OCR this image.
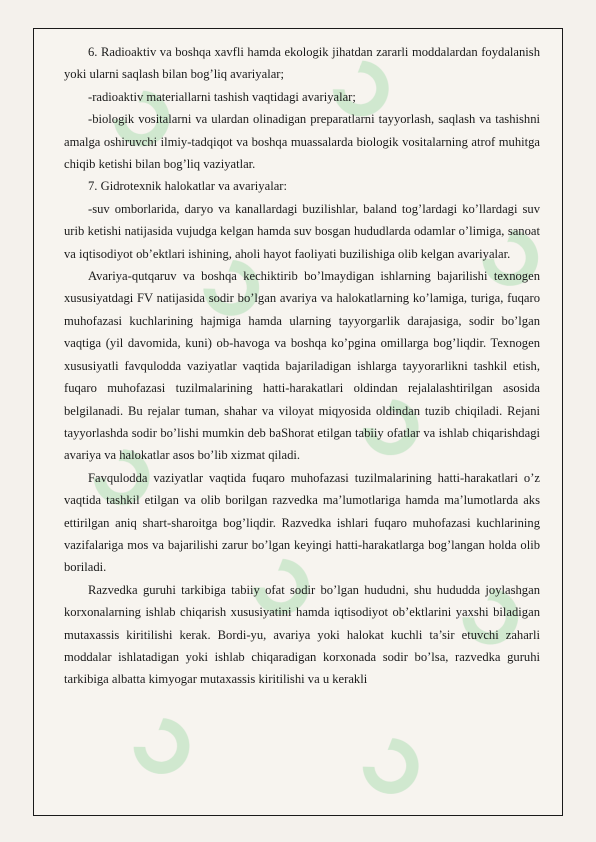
6. Radioaktiv va boshqa xavfli hamda ekologik jihatdan zararli moddalardan foydalanish yoki ularni saqlash bilan bog’liq avariyalar;

-radioaktiv materiallarni tashish vaqtidagi avariyalar;

-biologik vositalarni va ulardan olinadigan preparatlarni tayyorlash, saqlash va tashishni amalga oshiruvchi ilmiy-tadqiqot va boshqa muassalarda biologik vositalarning atrof muhitga chiqib ketishi bilan bog’liq vaziyatlar.

7. Gidrotexnik halokatlar va avariyalar:

-suv omborlarida, daryo va kanallardagi buzilishlar, baland tog’lardagi ko’llardagi suv urib ketishi natijasida vujudga kelgan hamda suv bosgan hududlarda odamlar o’limiga, sanoat va iqtisodiyot ob’ektlari ishining, aholi hayot faoliyati buzilishiga olib kelgan avariyalar.

Avariya-qutqaruv va boshqa kechiktirib bo’lmaydigan ishlarning bajarilishi texnogen xususiyatdagi FV natijasida sodir bo’lgan avariya va halokatlarning ko’lamiga, turiga, fuqaro muhofazasi kuchlarining hajmiga hamda ularning tayyorgarlik darajasiga, sodir bo’lgan vaqtiga (yil davomida, kuni) ob-havoga va boshqa ko’pgina omillarga bog’liqdir. Texnogen xususiyatli favqulodda vaziyatlar vaqtida bajariladigan ishlarga tayyorarlikni tashkil etish, fuqaro muhofazasi tuzilmalarining hatti-harakatlari oldindan rejalalashtirilgan asosida belgilanadi. Bu rejalar tuman, shahar va viloyat miqyosida oldindan tuzib chiqiladi. Rejani tayyorlashda sodir bo’lishi mumkin deb baShorat etilgan tabiiy ofatlar va ishlab chiqarishdagi avariya va halokatlar asos bo’lib xizmat qiladi.

Favqulodda vaziyatlar vaqtida fuqaro muhofazasi tuzilmalarining hatti-harakatlari o’z vaqtida tashkil etilgan va olib borilgan razvedka ma’lumotlariga hamda ma’lumotlarda aks ettirilgan aniq shart-sharoitga bog’liqdir. Razvedka ishlari fuqaro muhofazasi kuchlarining vazifalariga mos va bajarilishi zarur bo’lgan keyingi hatti-harakatlarga bog’langan holda olib boriladi.

Razvedka guruhi tarkibiga tabiiy ofat sodir bo’lgan hududni, shu hududda joylashgan korxonalarning ishlab chiqarish xususiyatini hamda iqtisodiyot ob’ektlarini yaxshi biladigan mutaxassis kiritilishi kerak. Bordi-yu, avariya yoki halokat kuchli ta’sir etuvchi zaharli moddalar ishlatadigan yoki ishlab chiqaradigan korxonada sodir bo’lsa, razvedka guruhi tarkibiga albatta kimyogar mutaxassis kiritilishi va u kerakli
